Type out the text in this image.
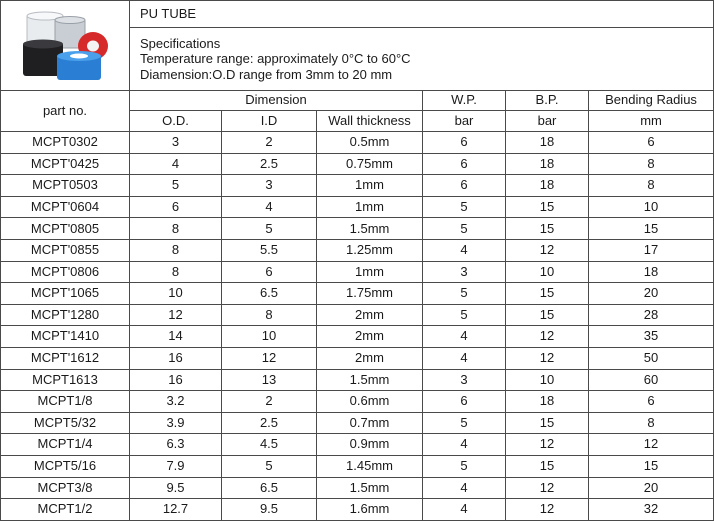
	PU TUBE					

	Specifications
Temperature range: approximately 0°C to 60°C
Diamension:O.D range from 3mm to 20 mm					

part no.	Dimension			W.P.	B.P.	Bending Radius
	O.D.	I.D	Wall thickness	bar	bar	mm
MCPT0302	3	2	0.5mm	6	18	6
MCPT'0425	4	2.5	0.75mm	6	18	8
MCPT0503	5	3	1mm	6	18	8
MCPT'0604	6	4	1mm	5	15	10
MCPT'0805	8	5	1.5mm	5	15	15
MCPT'0855	8	5.5	1.25mm	4	12	17
MCPT'0806	8	6	1mm	3	10	18
MCPT'1065	10	6.5	1.75mm	5	15	20
MCPT'1280	12	8	2mm	5	15	28
MCPT'1410	14	10	2mm	4	12	35
MCPT'1612	16	12	2mm	4	12	50
MCPT1613	16	13	1.5mm	3	10	60
MCPT1/8	3.2	2	0.6mm	6	18	6
MCPT5/32	3.9	2.5	0.7mm	5	15	8
MCPT1/4	6.3	4.5	0.9mm	4	12	12
MCPT5/16	7.9	5	1.45mm	5	15	15
MCPT3/8	9.5	6.5	1.5mm	4	12	20
MCPT1/2	12.7	9.5	1.6mm	4	12	32
